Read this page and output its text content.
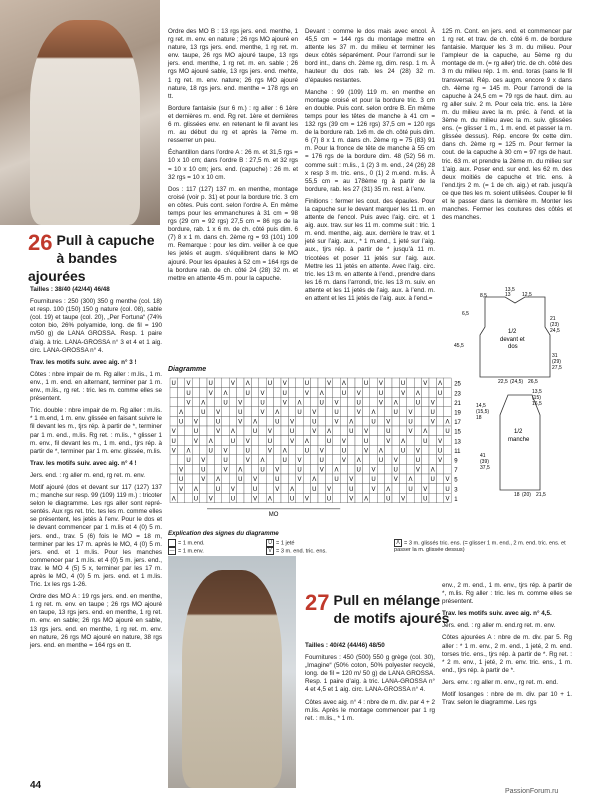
26 Pull à capuche à bandes ajourées

Tailles : 38/40 (42/44) 46/48

Fournitures : 250 (300) 350 g menthe (col. 18) et resp. 100 (150) 150 g nature (col. 08), sable (col. 19) et taupe (col. 20), „Per Fortuna“ (74% coton bio, 26% polyamide, long. de fil = 190 m/50 g) de LANA GROSSA. Resp. 1 paire d’aig. à tric. LANA-GROSSA n° 3 et 4 et 1 aig. circ. LANA-GROSSA n° 4.

Trav. les motifs suiv. avec aig. n° 3 !

Côtes : nbre impair de m. Rg aller : m.lis., 1 m. env., 1 m. end. en alternant, terminer par 1 m. env., m.lis., rg ret. : tric. les m. comme elles se présentent.

Tric. double : nbre impair de m. Rg aller : m.lis. * 1 m.end, 1 m. env. glissée en faisant suivre le fil devant les m., tjrs rép. à partir de *, terminer par 1 m. end., m.lis. Rg ret. : m.lis., * glisser 1 m. env., fil devant les m., 1 m. end., tjrs rép. à partir de *, terminer par 1 m. env. glissée, m.lis.

Trav. les motifs suiv. avec aig. n° 4 !

Jers. end. : rg aller m. end, rg ret. m. env.

Motif ajouré (dos et devant sur 117 (127) 137 m.; manche sur resp. 99 (109) 119 m.) : tricoter selon le diagramme. Les rgs aller sont représentés. Aux rgs ret. tric. tes les m. comme elles se présentent, les jetés à l’env. Pour le dos et le devant commencer par 1 m.lis et 4 (0) 5 m. jers. end., trav. 5 (6) fois le MO = 18 m, terminer par les 17 m. après le MO, 4 (0) 5 m. jers. end. et 1 m.lis. Pour les manches commencer par 1 m.lis. et 4 (0) 5 m. jers. end., trav. le MO 4 (5) 5 x, terminer par les 17 m. après le MO, 4 (0) 5 m. jers. end. et 1 m.lis. Tric. 1x les rgs 1-26.

Ordre des MO A : 19 rgs jers. end. en menthe, 1 rg ret. m. env. en taupe ; 26 rgs MO ajouré en taupe, 13 rgs jers. end. en menthe, 1 rg ret. m. env. en sable; 26 rgs MO ajouré en sable, 13 rgs jers. end. en menthe, 1 rg ret. m. env. en nature, 26 rgs MO ajouré en nature, 38 rgs jers. end. en menthe = 164 rgs en tt.

Ordre des MO B : 13 rgs jers. end. menthe, 1 rg ret. m. env. en nature ; 26 rgs MO ajouré en nature, 13 rgs jers. end. menthe, 1 rg ret. m. env. taupe, 26 rgs MO ajouré taupe, 13 rgs jers. end. menthe, 1 rg ret. m. en. sable ; 26 rgs MO ajouré sable, 13 rgs jers. end. mehte, 1 rg ret. m. env. nature; 26 rgs MO ajouré nature, 18 rgs jers. end. menthe = 178 rgs en tt.

Bordure fantaisie (sur 6 m.) : rg aller : 6 1ère et dernières m. end. Rg ret. 1ère et dernières 6 m. glissées env. en retenant le fil avant les m. au début du rg et après la 7ème m. resserrer un peu.

Échantillon dans l’ordre A : 26 m. et 31,5 rgs = 10 x 10 cm; dans l’ordre B : 27,5 m. et 32 rgs = 10 x 10 cm; jers. end. (capuche) : 26 m. et 32 rgs = 10 x 10 cm.

Dos : 117 (127) 137 m. en menthe, montage croisé (voir p. 31) et pour la bordure tric. 3 cm en côtes. Puis cont. selon l’ordre A. En même temps pour les emmanchures à 31 cm = 98 rgs (29 cm = 92 rgs) 27,5 cm = 86 rgs de la bordure, rab. 1 x 6 m. de ch. côté puis dim. 6 (7) 8 x 1 m. dans ch. 2ème rg = 93 (101) 109 m. Remarque : pour les dim. veiller à ce que les jetés et augm. s’équilibrent dans le MO ajouré. Pour les épaules à 52 cm = 164 rgs de la bordure rab. de ch. côté 24 (28) 32 m. et mettre en attente 45 m. pour la capuche.

Devant : comme le dos mais avec encol. À 45,5 cm = 144 rgs du montage mettre en attente les 37 m. du milieu et terminer les deux côtés séparément. Pour l’arrondi sur le bord int., dans ch. 2ème rg, dim. resp. 1 m. À hauteur du dos rab. les 24 (28) 32 m. d’épaules restantes.

Manche : 99 (109) 119 m. en menthe en montage croisé et pour la bordure tric. 3 cm en double. Puis cont. selon ordre B. En même temps pour les têtes de manche à 41 cm = 132 rgs (39 cm = 126 rgs) 37,5 cm = 120 rgs de la bordure rab. 1x6 m. de ch. côté puis dim. 6 (7) 8 x 1 m. dans ch. 2ème rg = 75 (83) 91 m. Pour la fronce de tête de manche à 55 cm = 176 rgs de la bordure dim. 48 (52) 56 m. comme suit : m.lis., 1 (2) 3 m. end., 24 (26) 28 x resp 3 m. tric. ens., 0 (1) 2 m.end. m.lis. À 55,5 cm = au 178ème rg à partir de la bordure, rab. les 27 (31) 35 m. rest. à l’env.

Finitions : fermer les cout. des épaules. Pour la capuche sur le devant marquer les 11 m. en attente de l’encol. Puis avec l’aig. circ. et 1 aig. aux. trav. sur les 11 m. comme suit : tric. 1 m. end. menthe, aig. aux. derrière le trav. et 1 jeté sur l’aig. aux., * 1 m.end., 1 jeté sur l’aig. aux., tjrs rép. à partir de * jusqu’à 11 m. tricotées et poser 11 jetés sur l’aig. aux. Mettre les 11 jetés en attente. Avec l’aig. circ. tric. les 13 m. en attente à l’end., prendre dans les 16 m. dans l’arrondi, tric. les 13 m. suiv. en attente et les 11 jetés de l’aig. aux. à l’end. m. en attent et les 11 jetés de l’aig. aux. à l’end.=

125 m. Cont. en jers. end. et commencer par 1 rg ret. et trav. de ch. côté 6 m. de bordure fantaisie. Marquer les 3 m. du milieu. Pour l’ampleur de la capuche, au 5ème rg du montage de m. (= rg aller) tric. de ch. côté des 3 m du milieu rép. 1 m. end. toras (sans le fil transversal. Rép. ces augm. encore 9 x dans ch. 4ème rg = 145 m. Pour l’arrondi de la capuche à 24,5 cm = 79 rgs de haut. dim. au rg aller suiv. 2 m. Pour cela tric. ens. la 1ère m. du milieu avec la m. préc. à l’end. et la 3ème m. du milieu avec la m. suiv. glissées ens. (= glisser 1 m., 1 m. end. et passer la m. glissée dessus). Rép. encore 9x cette dim. dans ch. 2ème rg = 125 m. Pour fermer la cout. de la capuche à 30 cm = 97 rgs de haut. tric. 63 m. et prendre la 2ème m. du milieu sur 1’aig. aux. Poser end. sur end. les 62 m. des deux moitiés de capuche et tric. ens. à l’end.tjrs 2 m. (= 1 de ch. aig.) et rab. jusqu’à ce que ttes les m. soient utilisées. Couper le fil et le passer dans la dernière m. Monter les manches. Fermer les coutures des côtés et des manches.

8,5
13,5
13 12,5
6,5
21
(23)
24,5
1/2
devant et
dos
45,5
31
(29)
27,5
22,5 (24,5) 26,5
13,5
(15)
16,5
14,5
(15,5)
18
1/2
manche
41
(39)
37,5
18 (20) 21,5
Diagramme
U V	U	V Λ	U V	U	V Λ	U V	U	V Λ
U	V Λ	U V	U	V Λ	U V	U	V Λ	U
V Λ	U V	U	V Λ	U V	U	V Λ	U V
Λ	U V	U	V Λ	U V	U	V Λ	U V	U
U V	U	V Λ	U V	U	V Λ	U V	U	V Λ
V	U	V Λ	U V	U	V Λ	U V	U	V Λ	U
U	V Λ	U V	U	V Λ	U V	U	V Λ	U V
V Λ	U V	U	V Λ	U V	U	V Λ	U V	U
U V	U	V Λ	U V	U	V Λ	U V	U	V
V	U	V Λ	U V	U	V Λ	U V	U	V Λ
U	V Λ	U V	U	V Λ	U V	U	V Λ	U V
V Λ	U V	U	V Λ	U V	U	V Λ	U V	U
Λ	U V	U	V Λ	U V	U	V Λ	U V	U	V
25
23
21
19
17
15
13
11
9
7
5
3
1
MO
Explication des signes du diagramme
= 1 m.end.
— = 1 m.env.
U = 1 jeté
V = 3 m. end. tric. ens.
Λ = 3 m. glissés tric. ens. (= glisser 1 m. end., 2 m. end. tric. ens. et passer la m. glissée dessus)
27 Pull en mélange de motifs ajourés

Tailles : 40/42 (44/46) 48/50

Fournitures : 450 (500) 550 g grège (col. 30), „Imagine“ (50% coton, 50% polyester recyclé, long. de fil = 120 m/ 50 g) de LANA GROSSA. Resp. 1 paire d’aig. à tric. LANA-GROSSA n° 4 et 4,5 et 1 aig. circ. LANA-GROSSA n° 4.

Côtes avec aig. n° 4 : nbre de m. div. par 4 + 2 m.lis. Après le montage commencer par 1 rg ret. : m.lis., * 1 m.

env., 2 m. end., 1 m. env., tjrs rép. à partir de *, m.lis. Rg aller : tric. les m. comme elles se présentent.

Trav. les motifs suiv. avec aig. n° 4,5.

Jers. end. : rg aller m. end.rg ret. m. env.

Côtes ajourées A : nbre de m. div. par 5. Rg aller : * 1 m. env., 2 m. end., 1 jeté, 2 m. end. torses tric. ens., tjrs rép. à partir de *. Rg ret. : * 2 m. env., 1 jeté, 2 m. env. tric. ens., 1 m. end., tjrs rép. à partir de *.

Jers. env. : rg aller m. env., rg ret. m. end.

Motif losanges : nbre de m. div. par 10 + 1. Trav. selon le diagramme. Les rgs

44
PassionForum.ru
